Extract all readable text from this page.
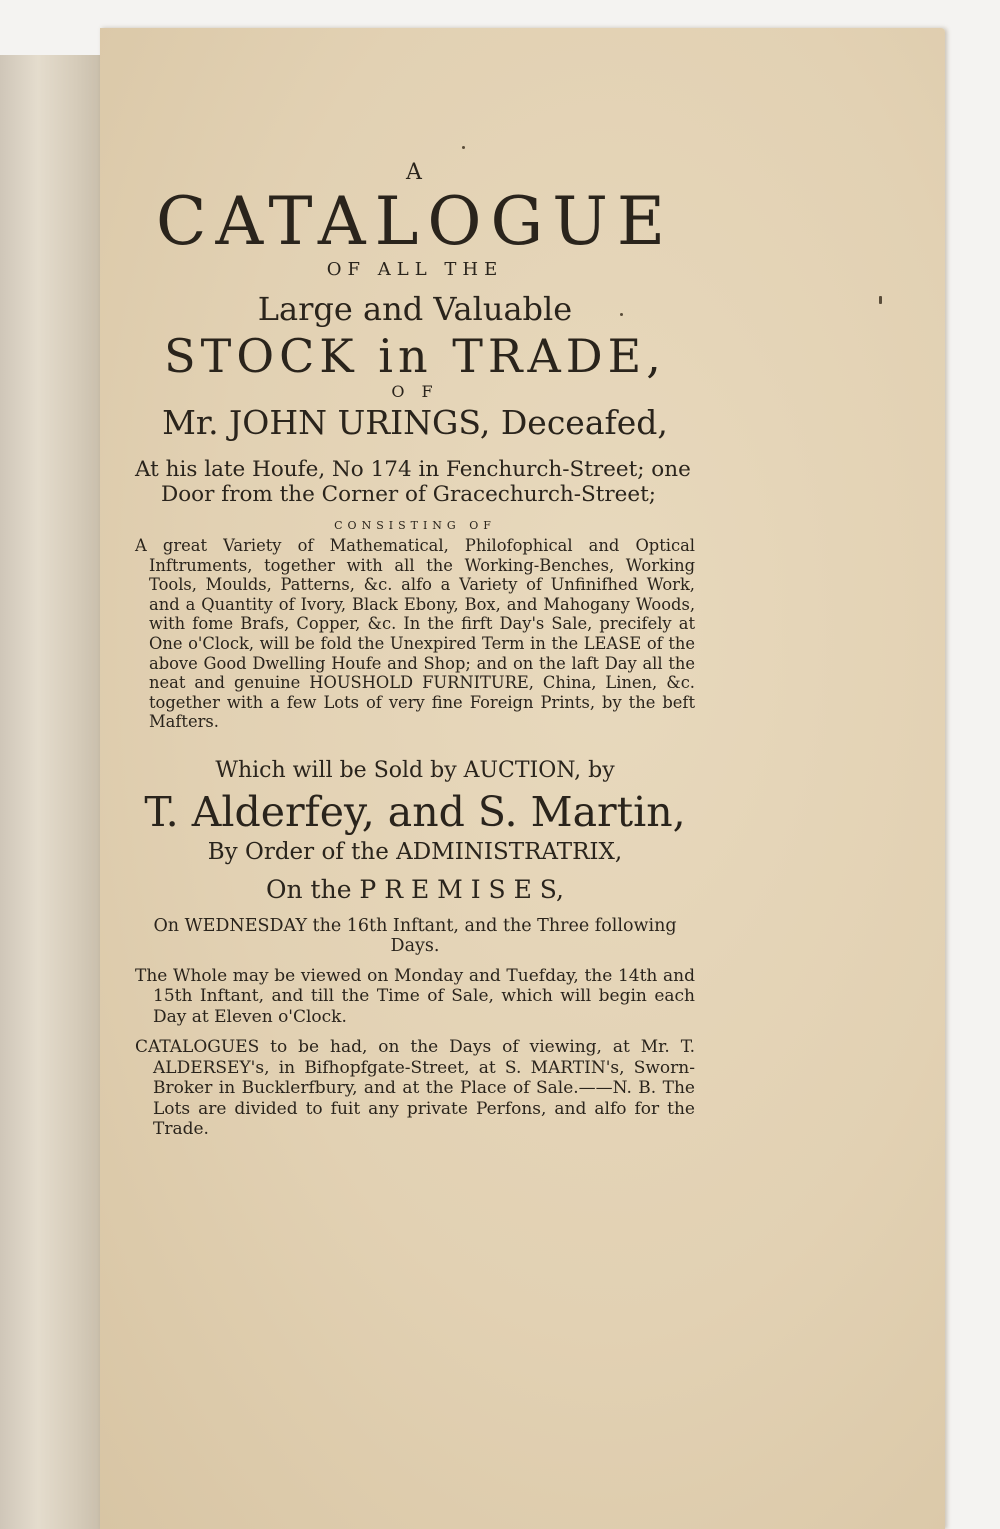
A

CATALOGUE

OF ALL THE

Large and Valuable

STOCK in TRADE,

O F

Mr. JOHN URINGS, Deceafed,

At his late Houfe, No 174 in Fenchurch-Street; one Door from the Corner of Gracechurch-Street;

CONSISTING OF

A great Variety of Mathematical, Philofophical and Optical Inftruments, together with all the Working-Benches, Working Tools, Moulds, Patterns, &c. alfo a Variety of Unfinifhed Work, and a Quantity of Ivory, Black Ebony, Box, and Mahogany Woods, with fome Brafs, Copper, &c. In the firft Day's Sale, precifely at One o'Clock, will be fold the Unexpired Term in the LEASE of the above Good Dwelling Houfe and Shop; and on the laft Day all the neat and genuine HOUSHOLD FURNITURE, China, Linen, &c. together with a few Lots of very fine Foreign Prints, by the beft Mafters.

Which will be Sold by AUCTION, by

T. Alderfey, and S. Martin,

By Order of the ADMINISTRATRIX,

On the P R E M I S E S,

On WEDNESDAY the 16th Inftant, and the Three following Days.

The Whole may be viewed on Monday and Tuefday, the 14th and 15th Inftant, and till the Time of Sale, which will begin each Day at Eleven o'Clock.

CATALOGUES to be had, on the Days of viewing, at Mr. T. ALDERSEY's, in Bifhopfgate-Street, at S. MARTIN's, Sworn-Broker in Bucklerfbury, and at the Place of Sale.——N. B. The Lots are divided to fuit any private Perfons, and alfo for the Trade.
